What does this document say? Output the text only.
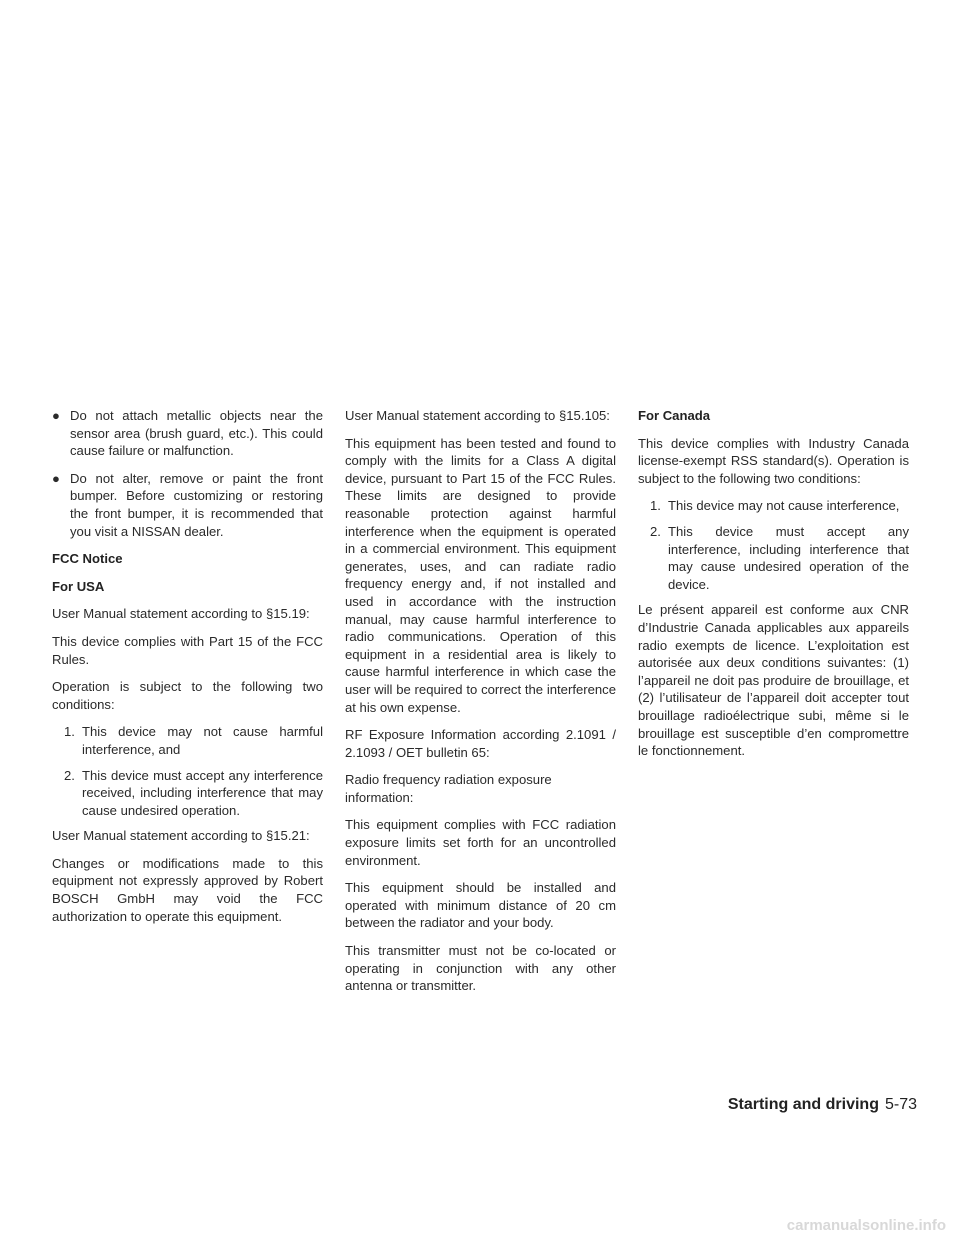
● Do not attach metallic objects near the sensor area (brush guard, etc.). This could cause failure or malfunction.
● Do not alter, remove or paint the front bumper. Before customizing or restoring the front bumper, it is recommended that you visit a NISSAN dealer.
FCC Notice
For USA

User Manual statement according to §15.19:

This device complies with Part 15 of the FCC Rules.

Operation is subject to the following two conditions:

1. This device may not cause harmful interference, and
2. This device must accept any interference received, including interference that may cause undesired operation.

User Manual statement according to §15.21:

Changes or modifications made to this equipment not expressly approved by Robert BOSCH GmbH may void the FCC authorization to operate this equipment.

User Manual statement according to §15.105:

This equipment has been tested and found to comply with the limits for a Class A digital device, pursuant to Part 15 of the FCC Rules. These limits are designed to provide reasonable protection against harmful interference when the equipment is operated in a commercial environment. This equipment generates, uses, and can radiate radio frequency energy and, if not installed and used in accordance with the instruction manual, may cause harmful interference to radio communications. Operation of this equipment in a residential area is likely to cause harmful interference in which case the user will be required to correct the interference at his own expense.

RF Exposure Information according 2.1091 / 2.1093 / OET bulletin 65:

Radio frequency radiation exposure information:

This equipment complies with FCC radiation exposure limits set forth for an uncontrolled environment.

This equipment should be installed and operated with minimum distance of 20 cm between the radiator and your body.

This transmitter must not be co-located or operating in conjunction with any other antenna or transmitter.

For Canada

This device complies with Industry Canada license-exempt RSS standard(s). Operation is subject to the following two conditions:

1. This device may not cause interference,
2. This device must accept any interference, including interference that may cause undesired operation of the device.

Le présent appareil est conforme aux CNR d’Industrie Canada applicables aux appareils radio exempts de licence. L’exploitation est autorisée aux deux conditions suivantes: (1) l’appareil ne doit pas produire de brouillage, et (2) l’utilisateur de l’appareil doit accepter tout brouillage radioélectrique subi, même si le brouillage est susceptible d’en compromettre le fonctionnement.

Starting and driving 5-73
carmanualsonline.info
